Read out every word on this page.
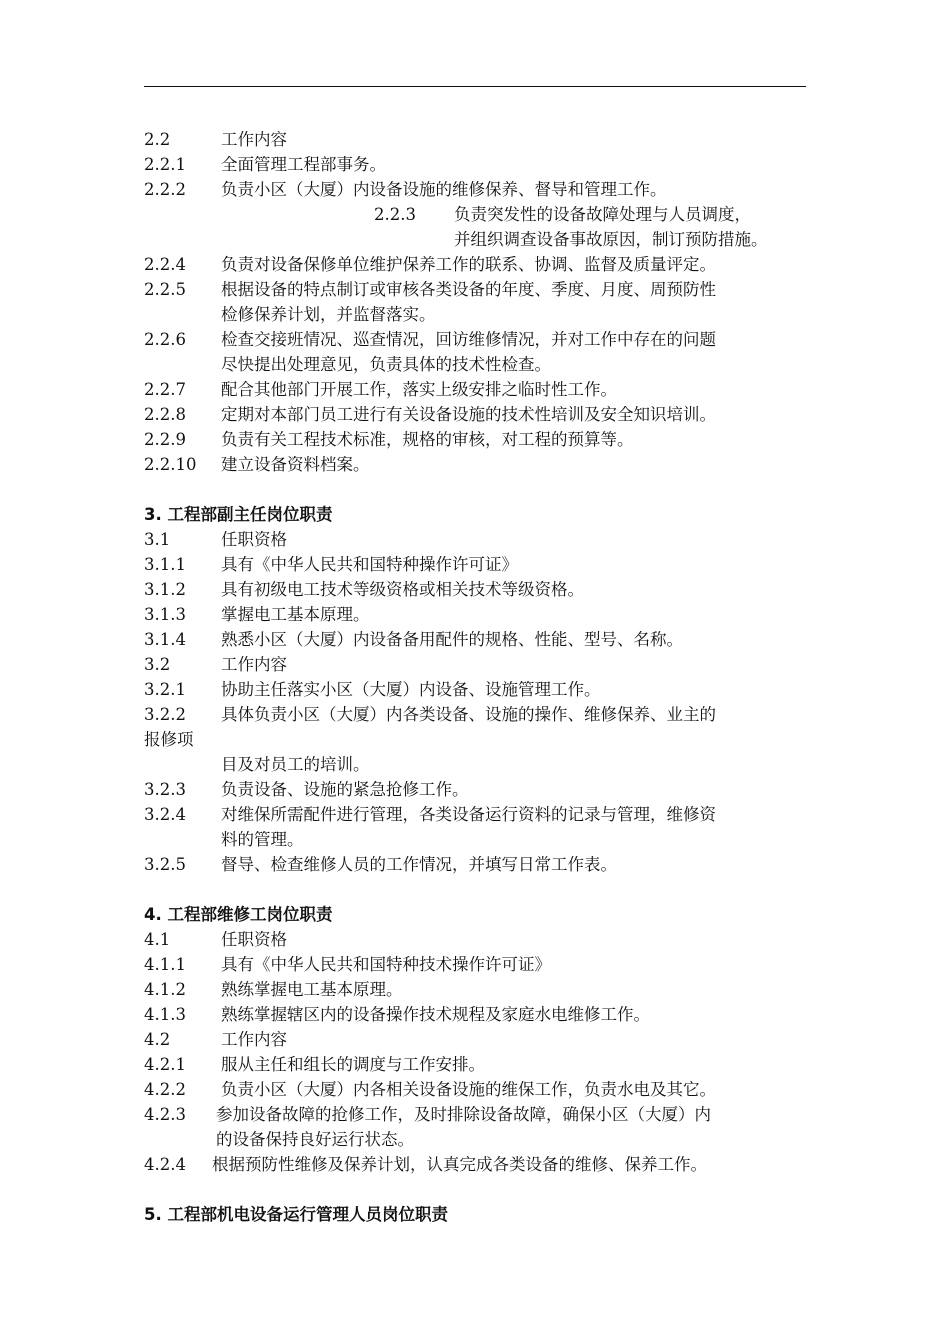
2.2	工作内容
2.2.1 全面管理工程部事务。
2.2.2 负责小区（大厦）内设备设施的维修保养、督导和管理工作。
2.2.3 负责突发性的设备故障处理与人员调度，
并组织调查设备事故原因，制订预防措施。
2.2.4 负责对设备保修单位维护保养工作的联系、协调、监督及质量评定。
2.2.5 根据设备的特点制订或审核各类设备的年度、季度、月度、周预防性
检修保养计划，并监督落实。
2.2.6 检查交接班情况、巡查情况，回访维修情况，并对工作中存在的问题
尽快提出处理意见，负责具体的技术性检查。
2.2.7 配合其他部门开展工作，落实上级安排之临时性工作。
2.2.8 定期对本部门员工进行有关设备设施的技术性培训及安全知识培训。
2.2.9 负责有关工程技术标准，规格的审核，对工程的预算等。
2.2.10 建立设备资料档案。
3. 工程部副主任岗位职责
3.1	任职资格
3.1.1 具有《中华人民共和国特种操作许可证》
3.1.2 具有初级电工技术等级资格或相关技术等级资格。
3.1.3 掌握电工基本原理。
3.1.4 熟悉小区（大厦）内设备备用配件的规格、性能、型号、名称。
3.2	工作内容
3.2.1 协助主任落实小区（大厦）内设备、设施管理工作。
3.2.2 具体负责小区（大厦）内各类设备、设施的操作、维修保养、业主的
报修项
目及对员工的培训。
3.2.3 负责设备、设施的紧急抢修工作。
3.2.4 对维保所需配件进行管理，各类设备运行资料的记录与管理，维修资
料的管理。
3.2.5 督导、检查维修人员的工作情况，并填写日常工作表。
4. 工程部维修工岗位职责
4.1	任职资格
4.1.1 具有《中华人民共和国特种技术操作许可证》
4.1.2 熟练掌握电工基本原理。
4.1.3 熟练掌握辖区内的设备操作技术规程及家庭水电维修工作。
4.2	工作内容
4.2.1 服从主任和组长的调度与工作安排。
4.2.2 负责小区（大厦）内各相关设备设施的维保工作，负责水电及其它。
4.2.3 参加设备故障的抢修工作，及时排除设备故障，确保小区（大厦）内
的设备保持良好运行状态。
4.2.4 根据预防性维修及保养计划，认真完成各类设备的维修、保养工作。
5. 工程部机电设备运行管理人员岗位职责
